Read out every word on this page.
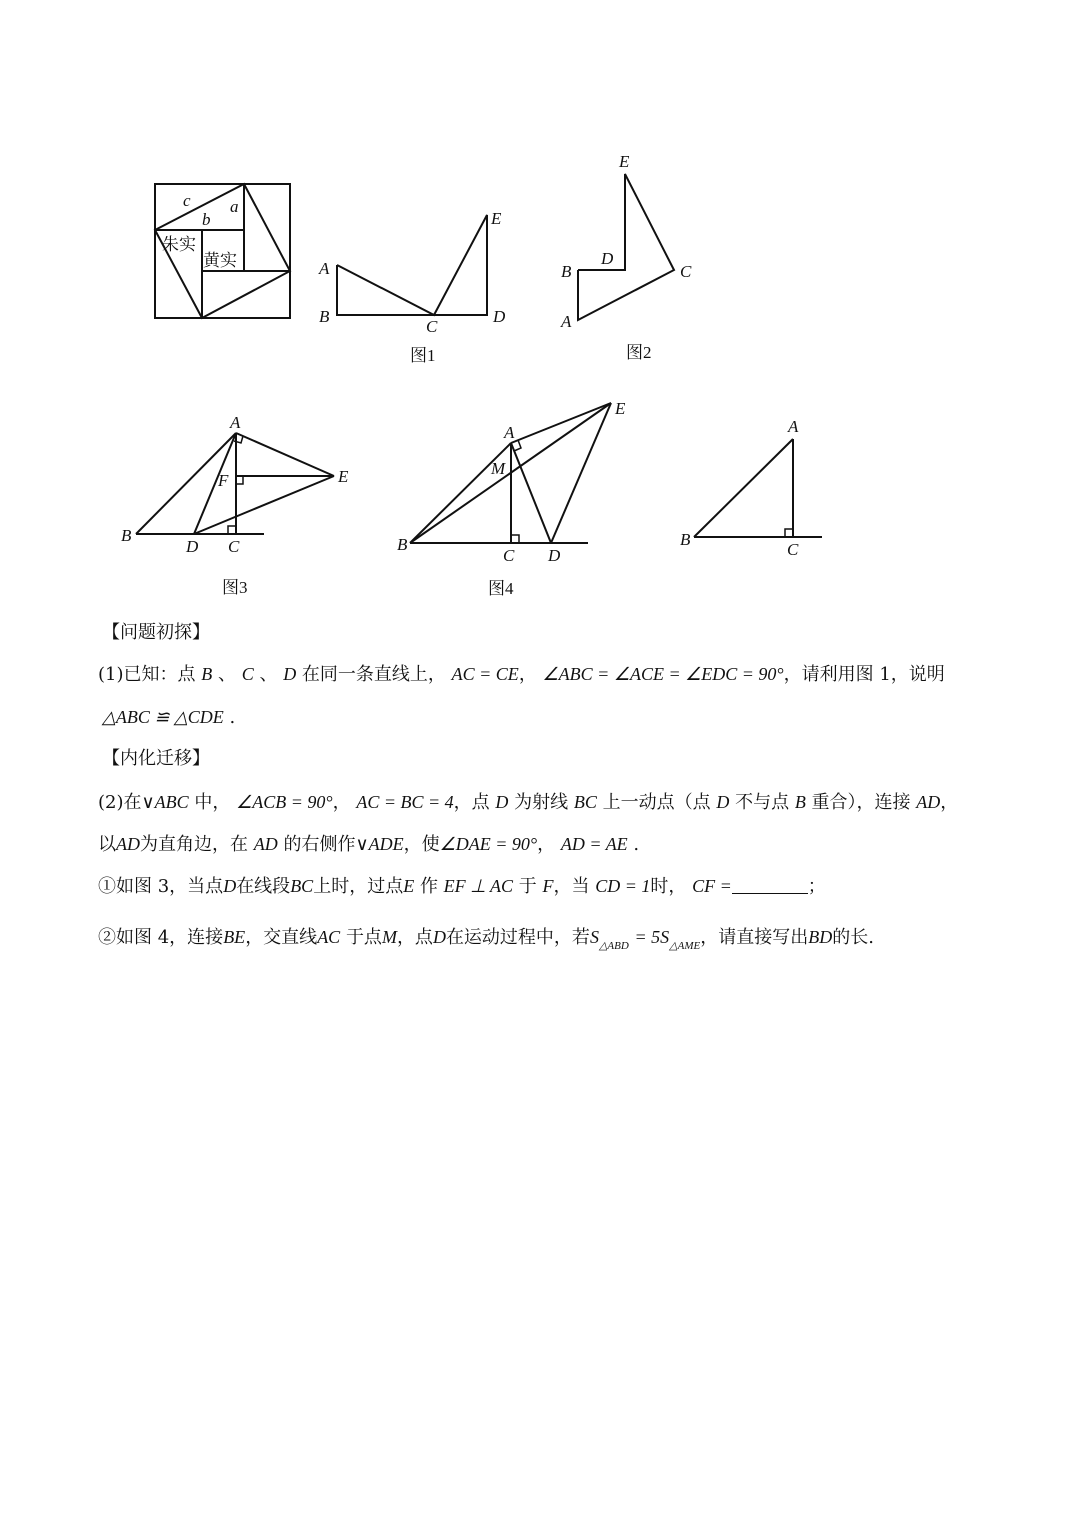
c
b
a
朱实
黄实	A
B
C
D
E
图1
B
A
D
C
E
图2
A
B
D C
F	E
图3
A
M
B
C D
E
图4
A
B
C
【问题初探】
(1)已知：点 B 、 C 、 D 在同一条直线上， AC = CE， ∠ABC = ∠ACE = ∠EDC = 90°，请利用图 1，说明
△ABC ≌ △CDE .
【内化迁移】
(2)在∨ABC 中， ∠ACB = 90°， AC = BC = 4，点 D 为射线 BC 上一动点（点 D 不与点 B 重合），连接 AD，
以AD为直角边，在 AD 的右侧作∨ADE，使∠DAE = 90°， AD = AE .
①如图 3，当点D在线段BC上时，过点E 作 EF ⊥ AC 于 F，当 CD = 1时， CF =	；
②如图 4，连接BE，交直线AC 于点M，点D在运动过程中，若$S_{\triangle ABD} = 5S_{\triangle AME}$，请直接写出BD的长.
